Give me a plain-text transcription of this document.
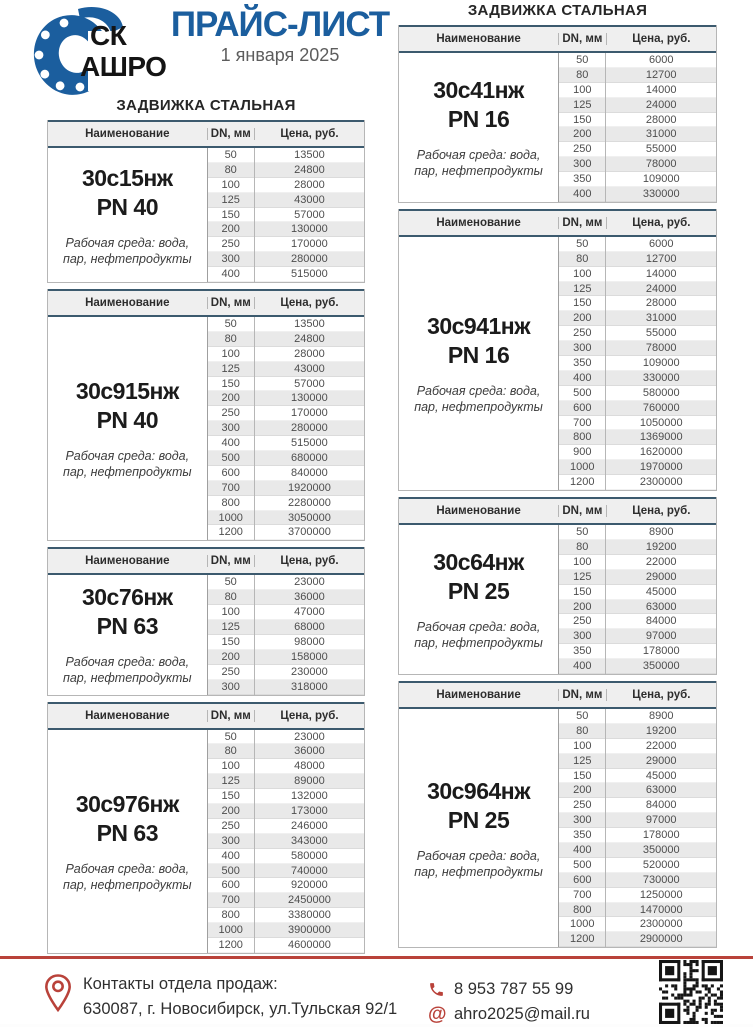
СК
АШРО
ПРАЙС-ЛИСТ
1 января 2025
ЗАДВИЖКА СТАЛЬНАЯ
Наименование	DN, мм	Цена, руб.
30с15нж
PN 40
Рабочая среда: вода, пар, нефтепродукты
50	13500
80	24800
100	28000
125	43000
150	57000
200	130000
250	170000
300	280000
400	515000
Наименование	DN, мм	Цена, руб.
30с915нж
PN 40
Рабочая среда: вода, пар, нефтепродукты
50	13500
80	24800
100	28000
125	43000
150	57000
200	130000
250	170000
300	280000
400	515000
500	680000
600	840000
700	1920000
800	2280000
1000	3050000
1200	3700000
Наименование	DN, мм	Цена, руб.
30с76нж
PN 63
Рабочая среда: вода, пар, нефтепродукты
50	23000
80	36000
100	47000
125	68000
150	98000
200	158000
250	230000
300	318000
Наименование	DN, мм	Цена, руб.
30с976нж
PN 63
Рабочая среда: вода, пар, нефтепродукты
50	23000
80	36000
100	48000
125	89000
150	132000
200	173000
250	246000
300	343000
400	580000
500	740000
600	920000
700	2450000
800	3380000
1000	3900000
1200	4600000
ЗАДВИЖКА СТАЛЬНАЯ
Наименование	DN, мм	Цена, руб.
30с41нж
PN 16
Рабочая среда: вода, пар, нефтепродукты
50	6000
80	12700
100	14000
125	24000
150	28000
200	31000
250	55000
300	78000
350	109000
400	330000
Наименование	DN, мм	Цена, руб.
30с941нж
PN 16
Рабочая среда: вода, пар, нефтепродукты
50	6000
80	12700
100	14000
125	24000
150	28000
200	31000
250	55000
300	78000
350	109000
400	330000
500	580000
600	760000
700	1050000
800	1369000
900	1620000
1000	1970000
1200	2300000
Наименование	DN, мм	Цена, руб.
30с64нж
PN 25
Рабочая среда: вода, пар, нефтепродукты
50	8900
80	19200
100	22000
125	29000
150	45000
200	63000
250	84000
300	97000
350	178000
400	350000
Наименование	DN, мм	Цена, руб.
30с964нж
PN 25
Рабочая среда: вода, пар, нефтепродукты
50	8900
80	19200
100	22000
125	29000
150	45000
200	63000
250	84000
300	97000
350	178000
400	350000
500	520000
600	730000
700	1250000
800	1470000
1000	2300000
1200	2900000
Контакты отдела продаж:
630087, г. Новосибирск, ул.Тульская 92/1
8 953 787 55 99
@ ahro2025@mail.ru
